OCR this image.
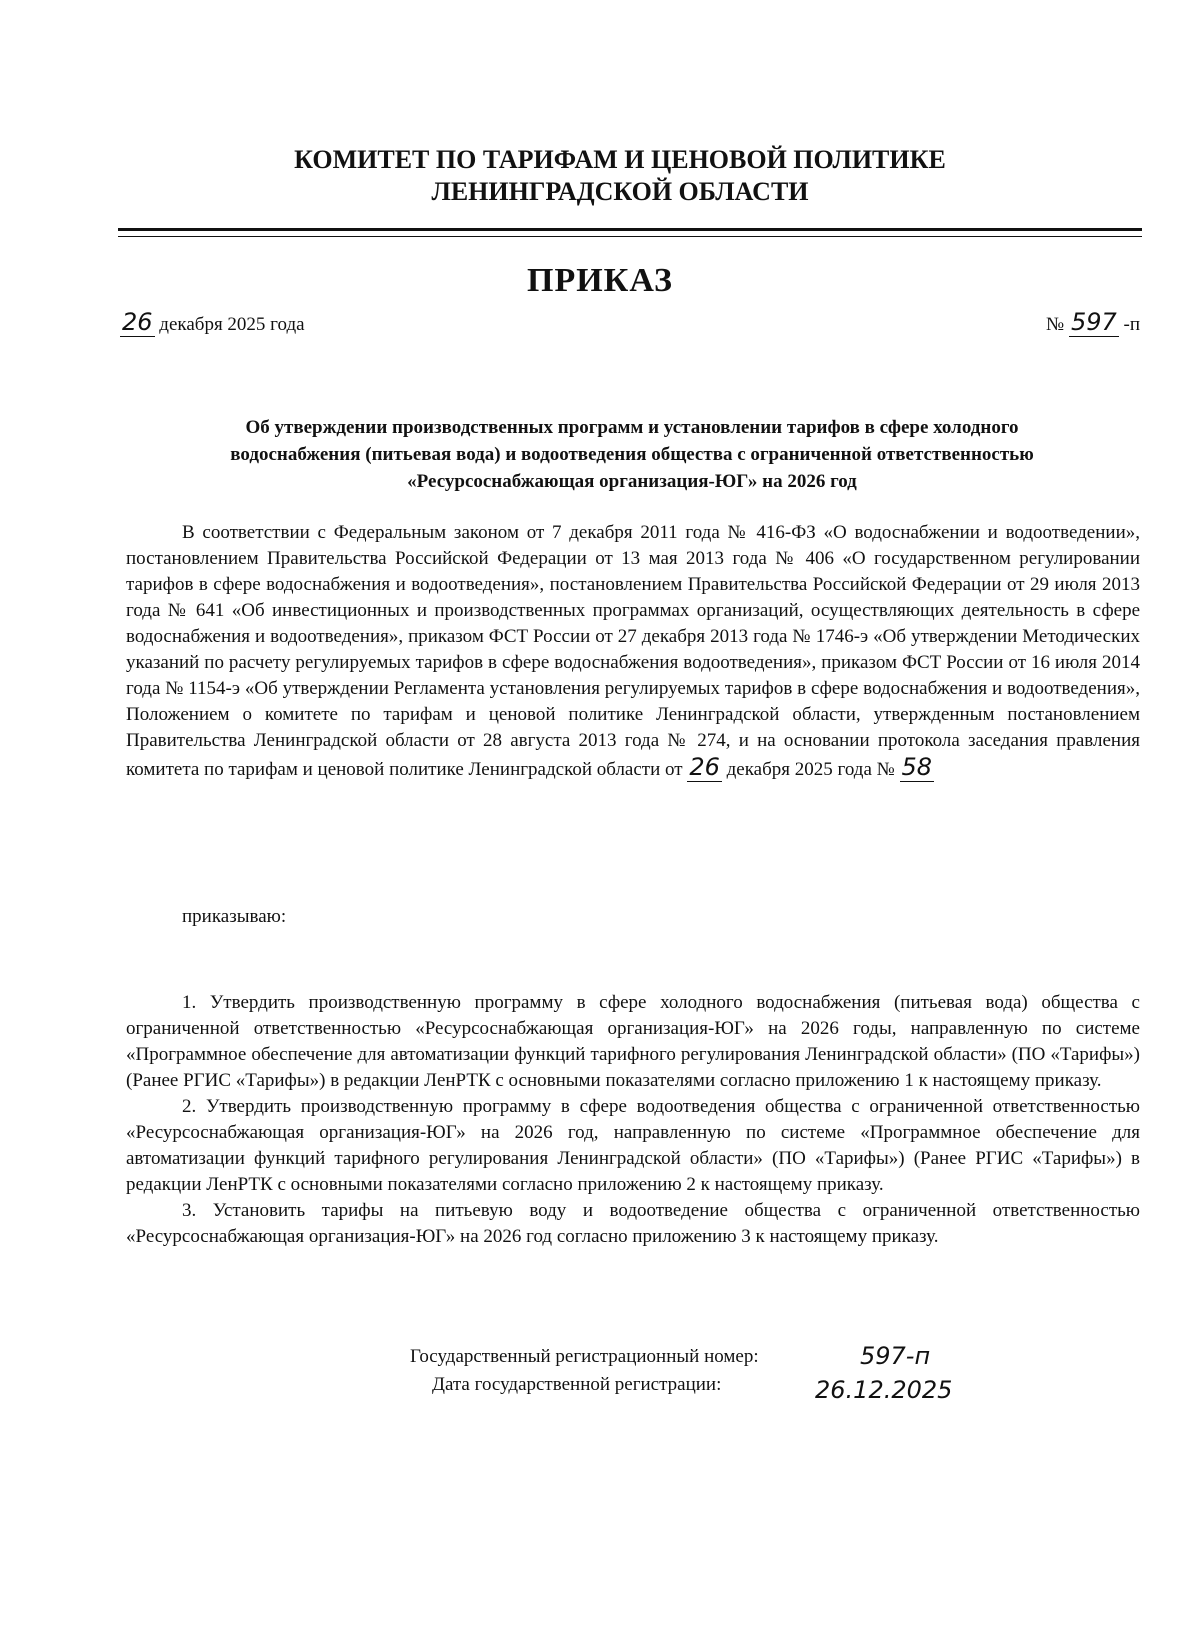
КОМИТЕТ ПО ТАРИФАМ И ЦЕНОВОЙ ПОЛИТИКЕ
ЛЕНИНГРАДСКОЙ ОБЛАСТИ
ПРИКАЗ
26 декабря 2025 года	№ 597 -п
Об утверждении производственных программ и установлении тарифов в сфере холодного
водоснабжения (питьевая вода) и водоотведения общества с ограниченной ответственностью
«Ресурсоснабжающая организация-ЮГ» на 2026 год

В соответствии с Федеральным законом от 7 декабря 2011 года № 416-ФЗ «О водоснабжении и водоотведении», постановлением Правительства Российской Федерации от 13 мая 2013 года № 406 «О государственном регулировании тарифов в сфере водоснабжения и водоотведения», постановлением Правительства Российской Федерации от 29 июля 2013 года № 641 «Об инвестиционных и производственных программах организаций, осуществляющих деятельность в сфере водоснабжения и водоотведения», приказом ФСТ России от 27 декабря 2013 года № 1746-э «Об утверждении Методических указаний по расчету регулируемых тарифов в сфере водоснабжения водоотведения», приказом ФСТ России от 16 июля 2014 года № 1154-э «Об утверждении Регламента установления регулируемых тарифов в сфере водоснабжения и водоотведения», Положением о комитете по тарифам и ценовой политике Ленинградской области, утвержденным постановлением Правительства Ленинградской области от 28 августа 2013 года № 274, и на основании протокола заседания правления комитета по тарифам и ценовой политике Ленинградской области от 26 декабря 2025 года № 58

приказываю:

1. Утвердить производственную программу в сфере холодного водоснабжения (питьевая вода) общества с ограниченной ответственностью «Ресурсоснабжающая организация-ЮГ» на 2026 годы, направленную по системе «Программное обеспечение для автоматизации функций тарифного регулирования Ленинградской области» (ПО «Тарифы») (Ранее РГИС «Тарифы») в редакции ЛенРТК с основными показателями согласно приложению 1 к настоящему приказу.

2. Утвердить производственную программу в сфере водоотведения общества с ограниченной ответственностью «Ресурсоснабжающая организация-ЮГ» на 2026 год, направленную по системе «Программное обеспечение для автоматизации функций тарифного регулирования Ленинградской области» (ПО «Тарифы») (Ранее РГИС «Тарифы») в редакции ЛенРТК с основными показателями согласно приложению 2 к настоящему приказу.

3. Установить тарифы на питьевую воду и водоотведение общества с ограниченной ответственностью «Ресурсоснабжающая организация-ЮГ» на 2026 год согласно приложению 3 к настоящему приказу.

Государственный регистрационный номер:	597-п
Дата государственной регистрации:	26.12.2025
